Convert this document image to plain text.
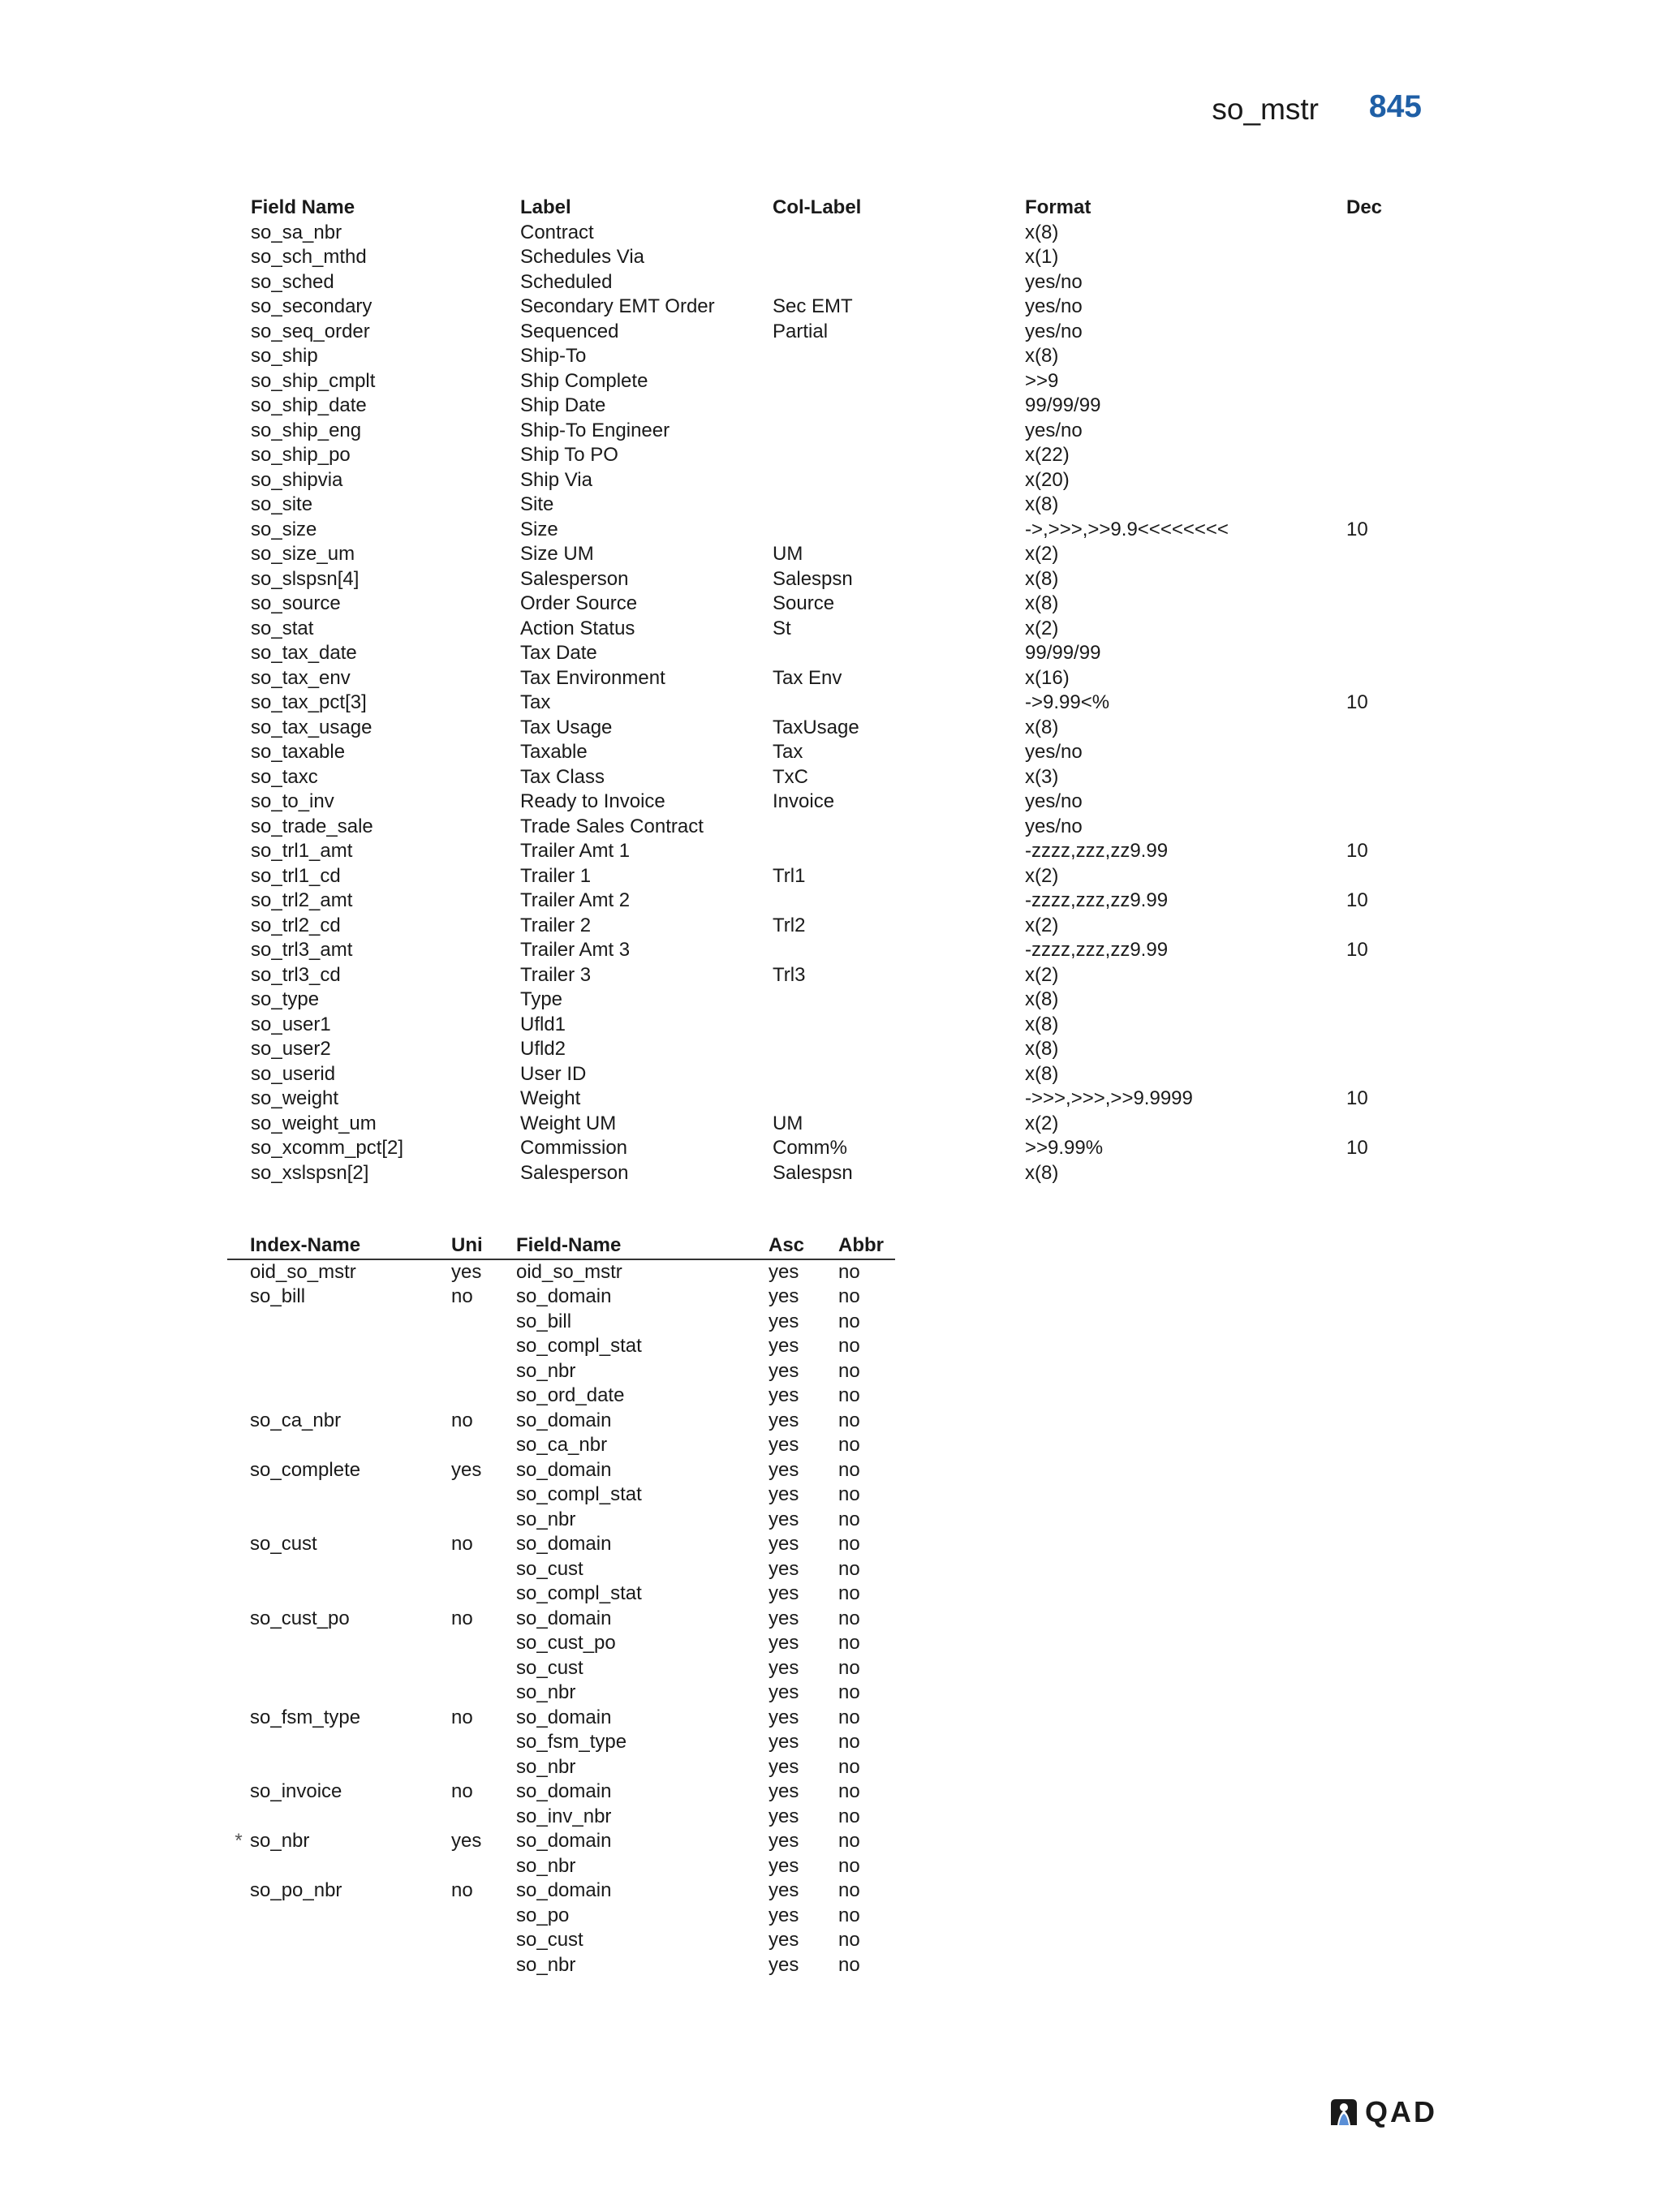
so_mstr 845
Field Name	Label	Col-Label	Format	Dec
so_sa_nbr	Contract		x(8)	
so_sch_mthd	Schedules Via		x(1)	
so_sched	Scheduled		yes/no	
so_secondary	Secondary EMT Order	Sec EMT	yes/no	
so_seq_order	Sequenced	Partial	yes/no	
so_ship	Ship-To		x(8)	
so_ship_cmplt	Ship Complete		>>9	
so_ship_date	Ship Date		99/99/99	
so_ship_eng	Ship-To Engineer		yes/no	
so_ship_po	Ship To PO		x(22)	
so_shipvia	Ship Via		x(20)	
so_site	Site		x(8)	
so_size	Size		->,>>>,>>9.9<<<<<<<<	10
so_size_um	Size UM	UM	x(2)	
so_slspsn[4]	Salesperson	Salespsn	x(8)	
so_source	Order Source	Source	x(8)	
so_stat	Action Status	St	x(2)	
so_tax_date	Tax Date		99/99/99	
so_tax_env	Tax Environment	Tax Env	x(16)	
so_tax_pct[3]	Tax		->9.99<%	10
so_tax_usage	Tax Usage	TaxUsage	x(8)	
so_taxable	Taxable	Tax	yes/no	
so_taxc	Tax Class	TxC	x(3)	
so_to_inv	Ready to Invoice	Invoice	yes/no	
so_trade_sale	Trade Sales Contract		yes/no	
so_trl1_amt	Trailer Amt 1		-zzzz,zzz,zz9.99	10
so_trl1_cd	Trailer 1	Trl1	x(2)	
so_trl2_amt	Trailer Amt 2		-zzzz,zzz,zz9.99	10
so_trl2_cd	Trailer 2	Trl2	x(2)	
so_trl3_amt	Trailer Amt 3		-zzzz,zzz,zz9.99	10
so_trl3_cd	Trailer 3	Trl3	x(2)	
so_type	Type		x(8)	
so_user1	Ufld1		x(8)	
so_user2	Ufld2		x(8)	
so_userid	User ID		x(8)	
so_weight	Weight		->>>,>>>,>>9.9999	10
so_weight_um	Weight UM	UM	x(2)	
so_xcomm_pct[2]	Commission	Comm%	>>9.99%	10
so_xslspsn[2]	Salesperson	Salespsn	x(8)	
	Index-Name	Uni	Field-Name	Asc	Abbr
	oid_so_mstr	yes	oid_so_mstr	yes	no
	so_bill	no	so_domain	yes	no
			so_bill	yes	no
			so_compl_stat	yes	no
			so_nbr	yes	no
			so_ord_date	yes	no
	so_ca_nbr	no	so_domain	yes	no
			so_ca_nbr	yes	no
	so_complete	yes	so_domain	yes	no
			so_compl_stat	yes	no
			so_nbr	yes	no
	so_cust	no	so_domain	yes	no
			so_cust	yes	no
			so_compl_stat	yes	no
	so_cust_po	no	so_domain	yes	no
			so_cust_po	yes	no
			so_cust	yes	no
			so_nbr	yes	no
	so_fsm_type	no	so_domain	yes	no
			so_fsm_type	yes	no
			so_nbr	yes	no
	so_invoice	no	so_domain	yes	no
			so_inv_nbr	yes	no
*	so_nbr	yes	so_domain	yes	no
			so_nbr	yes	no
	so_po_nbr	no	so_domain	yes	no
			so_po	yes	no
			so_cust	yes	no
			so_nbr	yes	no
QAD
